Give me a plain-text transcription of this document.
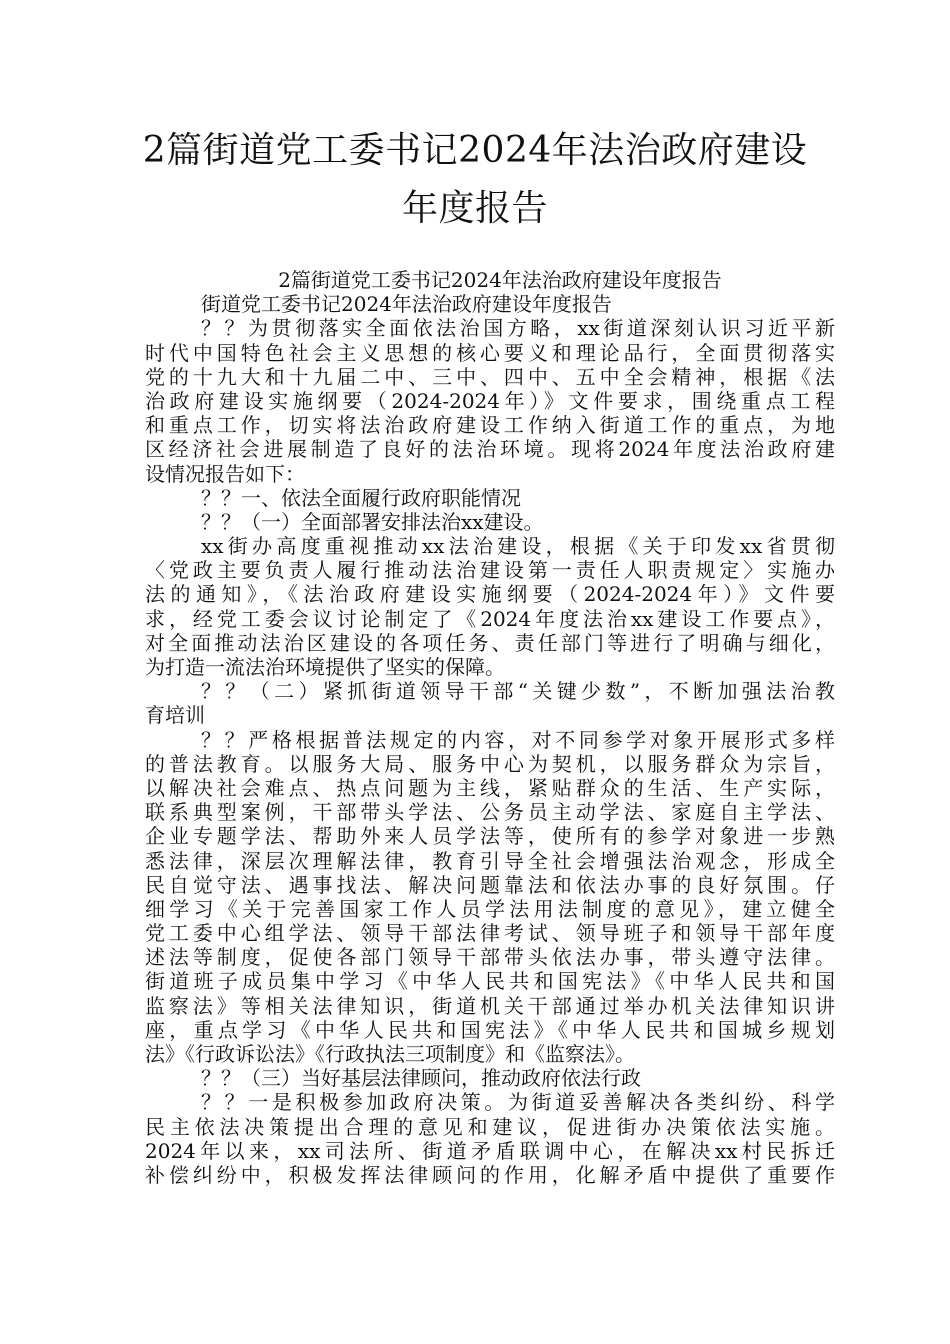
2篇街道党工委书记2024年法治政府建设
年度报告
2篇街道党工委书记2024年法治政府建设年度报告
街道党工委书记2024年法治政府建设年度报告
？？为贯彻落实全面依法治国方略，xx街道深刻认识习近平新
时代中国特色社会主义思想的核心要义和理论品行，全面贯彻落实
党的十九大和十九届二中、三中、四中、五中全会精神，根据《法
治政府建设实施纲要（2024-2024年）》文件要求，围绕重点工程
和重点工作，切实将法治政府建设工作纳入街道工作的重点，为地
区经济社会进展制造了良好的法治环境。现将2024年度法治政府建
设情况报告如下：
？？一、依法全面履行政府职能情况
？？（一）全面部署安排法治xx建设。
xx街办高度重视推动xx法治建设，根据《关于印发xx省贯彻
〈党政主要负责人履行推动法治建设第一责任人职责规定〉实施办
法的通知》，《法治政府建设实施纲要（2024-2024年）》文件要
求，经党工委会议讨论制定了《2024年度法治xx建设工作要点》，
对全面推动法治区建设的各项任务、责任部门等进行了明确与细化，
为打造一流法治环境提供了坚实的保障。
？？（二）紧抓街道领导干部“关键少数”，不断加强法治教
育培训
？？严格根据普法规定的内容，对不同参学对象开展形式多样
的普法教育。以服务大局、服务中心为契机，以服务群众为宗旨，
以解决社会难点、热点问题为主线，紧贴群众的生活、生产实际，
联系典型案例，干部带头学法、公务员主动学法、家庭自主学法、
企业专题学法、帮助外来人员学法等，使所有的参学对象进一步熟
悉法律，深层次理解法律，教育引导全社会增强法治观念，形成全
民自觉守法、遇事找法、解决问题靠法和依法办事的良好氛围。仔
细学习《关于完善国家工作人员学法用法制度的意见》，建立健全
党工委中心组学法、领导干部法律考试、领导班子和领导干部年度
述法等制度，促使各部门领导干部带头依法办事，带头遵守法律。
街道班子成员集中学习《中华人民共和国宪法》《中华人民共和国
监察法》等相关法律知识，街道机关干部通过举办机关法律知识讲
座，重点学习《中华人民共和国宪法》《中华人民共和国城乡规划
法》《行政诉讼法》《行政执法三项制度》和《监察法》。
？？（三）当好基层法律顾问，推动政府依法行政
？？一是积极参加政府决策。为街道妥善解决各类纠纷、科学
民主依法决策提出合理的意见和建议，促进街办决策依法实施。
2024年以来，xx司法所、街道矛盾联调中心，在解决xx村民拆迁
补偿纠纷中，积极发挥法律顾问的作用，化解矛盾中提供了重要作
